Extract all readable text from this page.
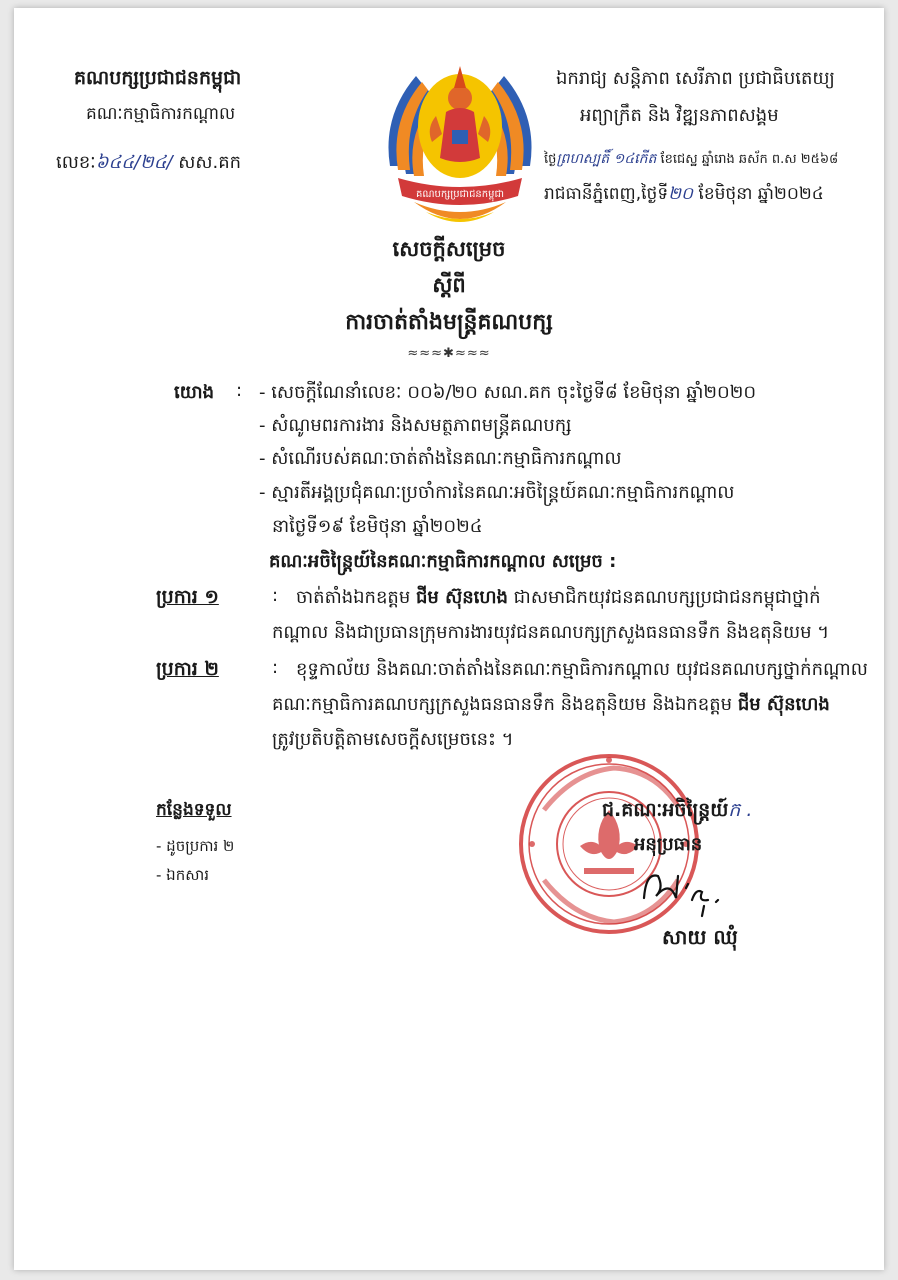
គណបក្សប្រជាជនកម្ពុជា
គណៈកម្មាធិការកណ្តាល
លេខៈ៦៤៤/២៤/ សស.គក
គណបក្សប្រជាជនកម្ពុជា
ឯករាជ្យ សន្តិភាព សេរីភាព ប្រជាធិបតេយ្យ
អព្យាក្រឹត និង វិឌ្ឍនភាពសង្គម
ថ្ងៃព្រហស្បតិ៍ ១៤កើត ខែជេស្ឋ ឆ្នាំរោង ឆស័ក ព.ស ២៥៦៨
រាជធានីភ្នំពេញ,ថ្ងៃទី២០ ខែមិថុនា ឆ្នាំ២០២៤
សេចក្តីសម្រេច
ស្តីពី
ការចាត់តាំងមន្ត្រីគណបក្ស
≈≈≈✱≈≈≈
យោង : - សេចក្តីណែនាំលេខៈ ០០៦/២០ សណ.គក ចុះថ្ងៃទី៨ ខែមិថុនា ឆ្នាំ២០២០
- សំណូមពរការងារ និងសមត្ថភាពមន្ត្រីគណបក្ស
- សំណើរបស់គណៈចាត់តាំងនៃគណៈកម្មាធិការកណ្តាល
- ស្មារតីអង្គប្រជុំគណៈប្រចាំការនៃគណៈអចិន្ត្រៃយ៍គណៈកម្មាធិការកណ្តាល
នាថ្ងៃទី១៩ ខែមិថុនា ឆ្នាំ២០២៤
គណៈអចិន្ត្រៃយ៍នៃគណៈកម្មាធិការកណ្តាល សម្រេច :
ប្រការ ១	: ចាត់តាំងឯកឧត្តម ជីម ស៊ុនហេង ជាសមាជិកយុវជនគណបក្សប្រជាជនកម្ពុជាថ្នាក់
កណ្តាល និងជាប្រធានក្រុមការងារយុវជនគណបក្សក្រសួងធនធានទឹក និងឧតុនិយម ។
ប្រការ ២	: ខុទ្ទកាល័យ និងគណៈចាត់តាំងនៃគណៈកម្មាធិការកណ្តាល យុវជនគណបក្សថ្នាក់កណ្តាល
គណៈកម្មាធិការគណបក្សក្រសួងធនធានទឹក និងឧតុនិយម និងឯកឧត្តម ជីម ស៊ុនហេង
ត្រូវប្រតិបត្តិតាមសេចក្តីសម្រេចនេះ ។
កន្លែងទទួល
- ដូចប្រការ ២
- ឯកសារ
ជ.គណៈអចិន្ត្រៃយ៍ក .
អនុប្រធាន
សាយ ឈុំ
